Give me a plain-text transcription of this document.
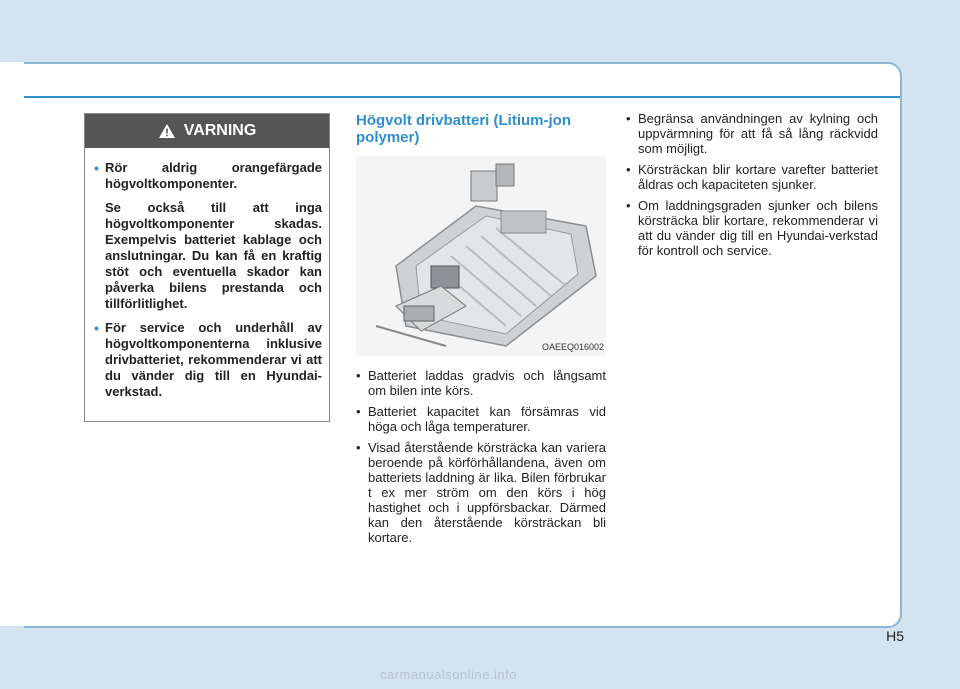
VARNING

• Rör aldrig orangefärgade högvoltkomponenter.

Se också till att inga högvoltkomponenter skadas. Exempelvis batteriet kablage och anslutningar. Du kan få en kraftig stöt och eventuella skador kan påverka bilens prestanda och tillförlitlighet.

• För service och underhåll av högvoltkomponenterna inklusive drivbatteriet, rekommenderar vi att du vänder dig till en Hyundai-verkstad.

Högvolt drivbatteri (Litium-jon polymer)
OAEEQ016002
• Batteriet laddas gradvis och långsamt om bilen inte körs.
• Batteriet kapacitet kan försämras vid höga och låga temperaturer.
• Visad återstående körsträcka kan variera beroende på körförhållandena, även om batteriets laddning är lika. Bilen förbrukar t ex mer ström om den körs i hög hastighet och i uppförsbackar. Därmed kan den återstående körsträckan bli kortare.
• Begränsa användningen av kylning och uppvärmning för att få så lång räckvidd som möjligt.
• Körsträckan blir kortare varefter batteriet åldras och kapaciteten sjunker.
• Om laddningsgraden sjunker och bilens körsträcka blir kortare, rekommenderar vi att du vänder dig till en Hyundai-verkstad för kontroll och service.
H5
carmanualsonline.info
